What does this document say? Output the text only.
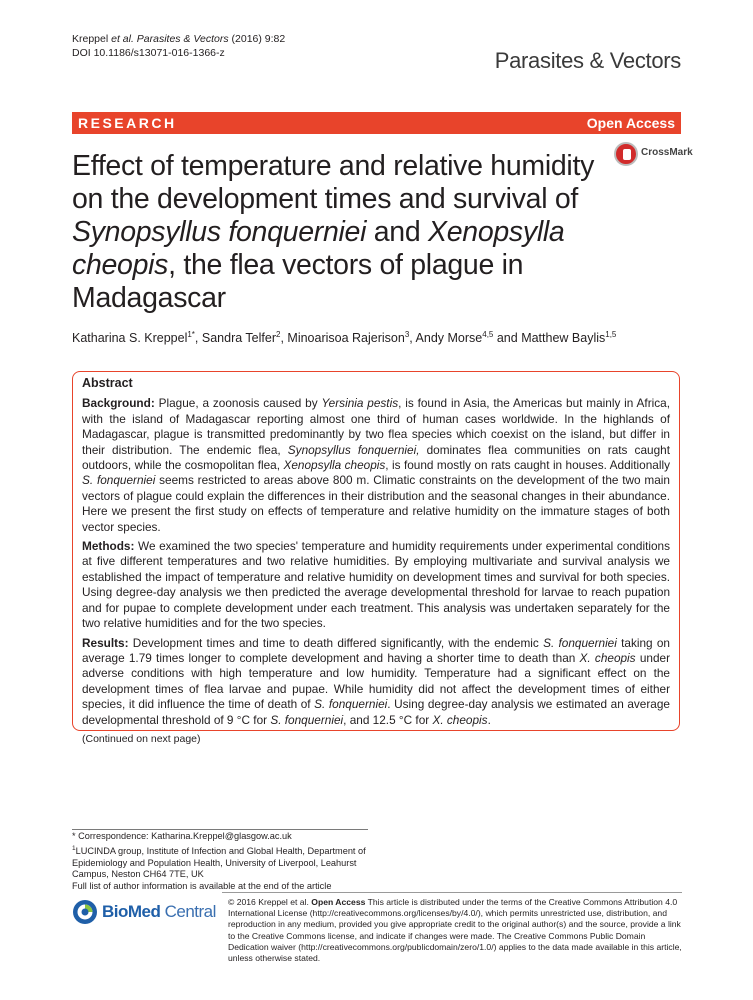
Kreppel et al. Parasites & Vectors (2016) 9:82
DOI 10.1186/s13071-016-1366-z	Parasites & Vectors
RESEARCH	Open Access
Effect of temperature and relative humidity on the development times and survival of Synopsyllus fonquerniei and Xenopsylla cheopis, the flea vectors of plague in Madagascar
CrossMark
Katharina S. Kreppel$^{1*}$, Sandra Telfer$^2$, Minoarisoa Rajerison$^3$, Andy Morse$^{4,5}$ and Matthew Baylis$^{1,5}$
Abstract

Background: Plague, a zoonosis caused by Yersinia pestis, is found in Asia, the Americas but mainly in Africa, with the island of Madagascar reporting almost one third of human cases worldwide. In the highlands of Madagascar, plague is transmitted predominantly by two flea species which coexist on the island, but differ in their distribution. The endemic flea, Synopsyllus fonquerniei, dominates flea communities on rats caught outdoors, while the cosmopolitan flea, Xenopsylla cheopis, is found mostly on rats caught in houses. Additionally S. fonquerniei seems restricted to areas above 800 m. Climatic constraints on the development of the two main vectors of plague could explain the differences in their distribution and the seasonal changes in their abundance. Here we present the first study on effects of temperature and relative humidity on the immature stages of both vector species.

Methods: We examined the two species' temperature and humidity requirements under experimental conditions at five different temperatures and two relative humidities. By employing multivariate and survival analysis we established the impact of temperature and relative humidity on development times and survival for both species. Using degree-day analysis we then predicted the average developmental threshold for larvae to reach pupation and for pupae to complete development under each treatment. This analysis was undertaken separately for the two relative humidities and for the two species.

Results: Development times and time to death differed significantly, with the endemic S. fonquerniei taking on average 1.79 times longer to complete development and having a shorter time to death than X. cheopis under adverse conditions with high temperature and low humidity. Temperature had a significant effect on the development times of flea larvae and pupae. While humidity did not affect the development times of either species, it did influence the time of death of S. fonquerniei. Using degree-day analysis we estimated an average developmental threshold of 9 °C for S. fonquerniei, and 12.5 °C for X. cheopis.

(Continued on next page)
* Correspondence: Katharina.Kreppel@glasgow.ac.uk
$^1$LUCINDA group, Institute of Infection and Global Health, Department of Epidemiology and Population Health, University of Liverpool, Leahurst Campus, Neston CH64 7TE, UK
Full list of author information is available at the end of the article
BioMed Central © 2016 Kreppel et al. Open Access This article is distributed under the terms of the Creative Commons Attribution 4.0 International License (http://creativecommons.org/licenses/by/4.0/), which permits unrestricted use, distribution, and reproduction in any medium, provided you give appropriate credit to the original author(s) and the source, provide a link to the Creative Commons license, and indicate if changes were made. The Creative Commons Public Domain Dedication waiver (http://creativecommons.org/publicdomain/zero/1.0/) applies to the data made available in this article, unless otherwise stated.
